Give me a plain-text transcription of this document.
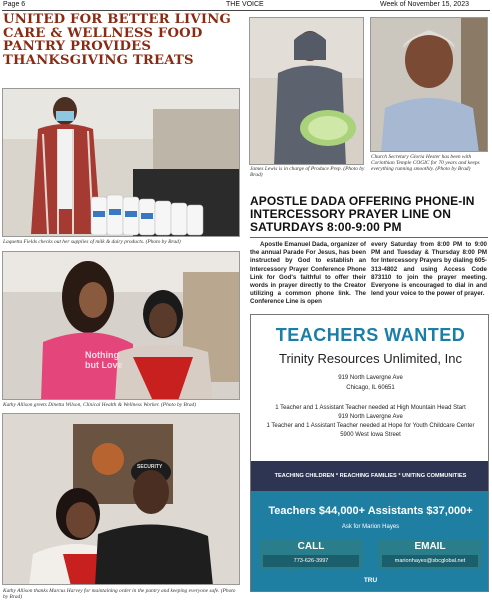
Page 6	THE VOICE	Week of November 15, 2023
UNITED FOR BETTER LIVING CARE & WELLNESS FOOD PANTRY PROVIDES THANKSGIVING TREATS
Laquetta Fields checks out her supplies of milk & dairy products. (Photo by Brad)
Nothing but Love
Kathy Allison greets Dinetta Wilson, Clinical Health & Wellness Worker. (Photo by Brad)
SECURITY
Kathy Allison thanks Marcus Harvey for maintaining order in the pantry and keeping everyone safe. (Photo by Brad)
James Lewis is in charge of Produce Prep. (Photo by Brad)
Church Secretary Gloria Hester has been with Corinthian Temple COGIC for 70 years and keeps everything running smoothly. (Photo by Brad)
APOSTLE DADA OFFERING PHONE-IN INTERCESSORY PRAYER LINE ON SATURDAYS 8:00-9:00 PM
Apostle Emanuel Dada, organizer of the annual Parade For Jesus, has been instructed by God to establish an Intercessory Prayer Conference Phone Link for God's faithful to offer their words in prayer directly to the Creator utilizing a common phone link. The Conference Line is open
every Saturday from 8:00 PM to 9:00 PM and Tuesday & Thursday 8:00 PM for Intercessory Prayers by dialing 605-313-4802 and using Access Code 873110 to join the prayer meeting. Everyone is encouraged to dial in and lend your voice to the power of prayer.
TEACHERS WANTED
Trinity Resources Unlimited, Inc
919 North Lavergne Ave
Chicago, IL 60651
1 Teacher and 1 Assistant Teacher needed at High Mountain Head Start
919 North Lavergne Ave
1 Teacher and 1 Assistant Teacher needed at Hope for Youth Childcare Center
5900 West Iowa Street
TEACHING CHILDREN * REACHING FAMILIES * UNITING COMMUNITIES
Teachers $44,000+ Assistants $37,000+
Ask for Marion Hayes
CALL
773-626-3997
EMAIL
marionhayes@sbcglobal.net
TRU
